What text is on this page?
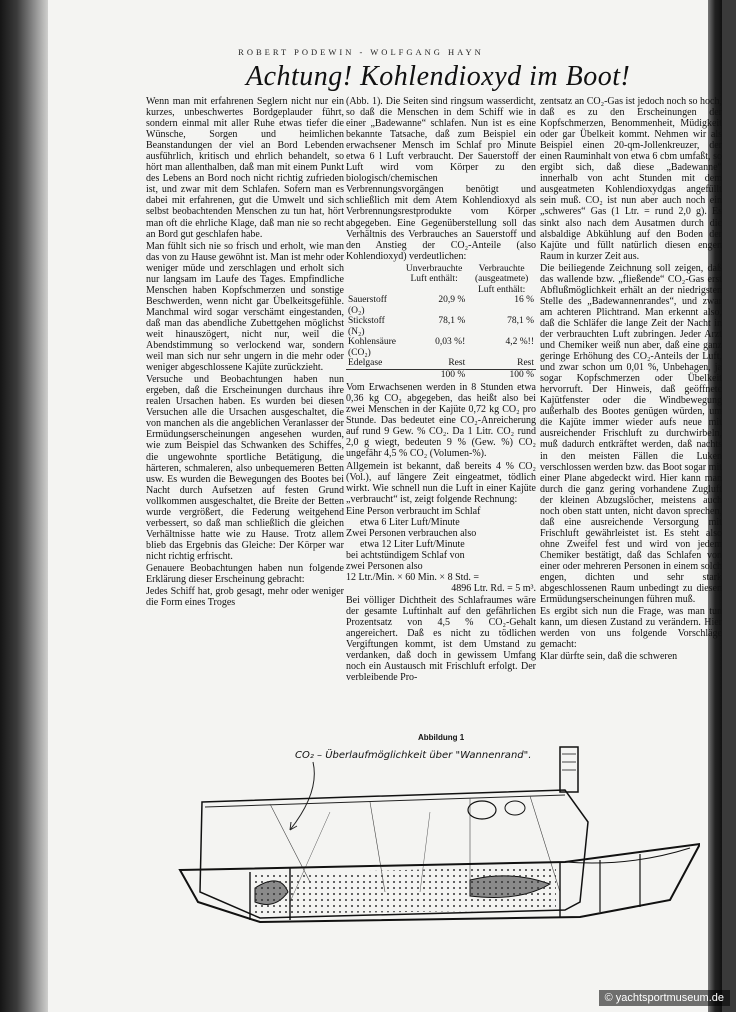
ROBERT PODEWIN - WOLFGANG HAYN
Achtung! Kohlendioxyd im Boot!

Wenn man mit erfahrenen Seglern nicht nur ein kurzes, unbeschwertes Bordgeplauder führt, sondern einmal mit aller Ruhe etwas tiefer die Wünsche, Sorgen und heimlichen Beanstandungen der viel an Bord Lebenden ausführlich, kritisch und ehrlich behandelt, so hört man allenthalben, daß man mit einem Punkt des Lebens an Bord noch nicht richtig zufrieden ist, und zwar mit dem Schlafen. Sofern man es dabei mit erfahrenen, gut die Umwelt und sich selbst beobachtenden Menschen zu tun hat, hört man oft die ehrliche Klage, daß man nie so recht an Bord gut geschlafen habe.

Man fühlt sich nie so frisch und erholt, wie man das von zu Hause gewöhnt ist. Man ist mehr oder weniger müde und zerschlagen und erholt sich nur langsam im Laufe des Tages. Empfindliche Menschen haben Kopfschmerzen und sonstige Beschwerden, wenn nicht gar Übelkeitsgefühle. Manchmal wird sogar verschämt eingestanden, daß man das abendliche Zubettgehen möglichst weit hinauszögert, nicht nur, weil die Abendstimmung so verlockend war, sondern weil man sich nur sehr ungern in die mehr oder weniger abgeschlossene Kajüte zurückzieht.

Versuche und Beobachtungen haben nun ergeben, daß die Erscheinungen durchaus ihre realen Ursachen haben. Es wurden bei diesen Versuchen alle die Ursachen ausgeschaltet, die von manchen als die angeblichen Veranlasser der Ermüdungserscheinungen angesehen wurden, wie zum Beispiel das Schwanken des Schiffes, die ungewohnte sportliche Betätigung, die härteren, schmaleren, also unbequemeren Betten usw. Es wurden die Bewegungen des Bootes bei Nacht durch Aufsetzen auf festen Grund vollkommen ausgeschaltet, die Breite der Betten wurde vergrößert, die Federung weitgehend verbessert, so daß man schließlich die gleichen Verhältnisse hatte wie zu Hause. Trotz allem blieb das Ergebnis das Gleiche: Der Körper war nicht richtig erfrischt.

Genauere Beobachtungen haben nun folgende Erklärung dieser Erscheinung gebracht:

Jedes Schiff hat, grob gesagt, mehr oder weniger die Form eines Troges

(Abb. 1). Die Seiten sind ringsum wasserdicht, so daß die Menschen in dem Schiff wie in einer „Badewanne“ schlafen. Nun ist es eine bekannte Tatsache, daß zum Beispiel ein erwachsener Mensch im Schlaf pro Minute etwa 6 l Luft verbraucht. Der Sauerstoff der Luft wird vom Körper zu den biologisch/chemischen Verbrennungsvorgängen benötigt und schließlich mit dem Atem Kohlendioxyd als Verbrennungsrestprodukte vom Körper abgegeben. Eine Gegenüberstellung soll das Verhältnis des Verbrauches an Sauerstoff und den Anstieg der CO₂-Anteile (also Kohlendioxyd) verdeutlichen:

	Unverbrauchte Luft enthält:	Verbrauchte (ausgeatmete) Luft enthält:
Sauerstoff (O₂)	20,9 %	16 %
Stickstoff (N₂)	78,1 %	78,1 %
Kohlensäure (CO₂)	0,03 %!	4,2 %!!
Edelgase	Rest	Rest
	100 %	100 %

Vom Erwachsenen werden in 8 Stunden etwa 0,36 kg CO₂ abgegeben, das heißt also bei zwei Menschen in der Kajüte 0,72 kg CO₂ pro Stunde. Das bedeutet eine CO₂-Anreicherung auf rund 9 Gew. % CO₂. Da 1 Litr. CO₂ rund 2,0 g wiegt, bedeuten 9 % (Gew. %) CO₂ ungefähr 4,5 % CO₂ (Volumen-%).

Allgemein ist bekannt, daß bereits 4 % CO₂ (Vol.), auf längere Zeit eingeatmet, tödlich wirkt. Wie schnell nun die Luft in einer Kajüte „verbraucht“ ist, zeigt folgende Rechnung:

Eine Person verbraucht im Schlaf

etwa 6 Liter Luft/Minute

Zwei Personen verbrauchen also

etwa 12 Liter Luft/Minute

bei achtstündigem Schlaf von

zwei Personen also

12 Ltr./Min. × 60 Min. × 8 Std. =

4896 Ltr. Rd. = 5 m³.

Bei völliger Dichtheit des Schlafraumes wäre der gesamte Luftinhalt auf den gefährlichen Prozentsatz von 4,5 % CO₂-Gehalt angereichert. Daß es nicht zu tödlichen Vergiftungen kommt, ist dem Umstand zu verdanken, daß doch in gewissem Umfang noch ein Austausch mit Frischluft erfolgt. Der verbleibende Pro-

zentsatz an CO₂-Gas ist jedoch noch so hoch, daß es zu den Erscheinungen der Kopfschmerzen, Benommenheit, Müdigkeit oder gar Übelkeit kommt. Nehmen wir als Beispiel einen 20-qm-Jollenkreuzer, der einen Rauminhalt von etwa 6 cbm umfaßt, so ergibt sich, daß diese „Badewanne“ innerhalb von acht Stunden mit dem ausgeatmeten Kohlendioxydgas angefüllt sein muß. CO₂ ist nun aber auch noch ein „schweres“ Gas (1 Ltr. = rund 2,0 g). Es sinkt also nach dem Ausatmen durch die alsbaldige Abkühlung auf den Boden der Kajüte und füllt natürlich diesen engen Raum in kurzer Zeit aus.

Die beiliegende Zeichnung soll zeigen, daß das wallende bzw. „fließende“ CO₂-Gas erst Abflußmöglichkeit erhält an der niedrigsten Stelle des „Badewannenrandes“, und zwar am achteren Plichtrand. Man erkennt also, daß die Schläfer die lange Zeit der Nacht in der verbrauchten Luft zubringen. Jeder Arzt und Chemiker weiß nun aber, daß eine ganz geringe Erhöhung des CO₂-Anteils der Luft, und zwar schon um 0,01 %, Unbehagen, ja sogar Kopfschmerzen oder Übelkeit hervorruft. Der Hinweis, daß geöffnete Kajütfenster oder die Windbewegung außerhalb des Bootes genügen würden, um die Kajüte immer wieder aufs neue mit ausreichender Frischluft zu durchwirbeln, muß dadurch entkräftet werden, daß nachts in den meisten Fällen die Luken verschlossen werden bzw. das Boot sogar mit einer Plane abgedeckt wird. Hier kann man durch die ganz gering vorhandene Zugluft der kleinen Abzugslöcher, meistens auch noch oben statt unten, nicht davon sprechen, daß eine ausreichende Versorgung mit Frischluft gewährleistet ist. Es steht also ohne Zweifel fest und wird von jedem Chemiker bestätigt, daß das Schlafen von einer oder mehreren Personen in einem solch engen, dichten und sehr stark abgeschlossenen Raum unbedingt zu diesen Ermüdungserscheinungen führen muß.

Es ergibt sich nun die Frage, was man tun kann, um diesen Zustand zu verändern. Hier werden von uns folgende Vorschläge gemacht:

Klar dürfte sein, daß die schweren

Abbildung 1
CO₂ – Überlaufmöglichkeit über "Wannenrand".
© yachtsportmuseum.de
